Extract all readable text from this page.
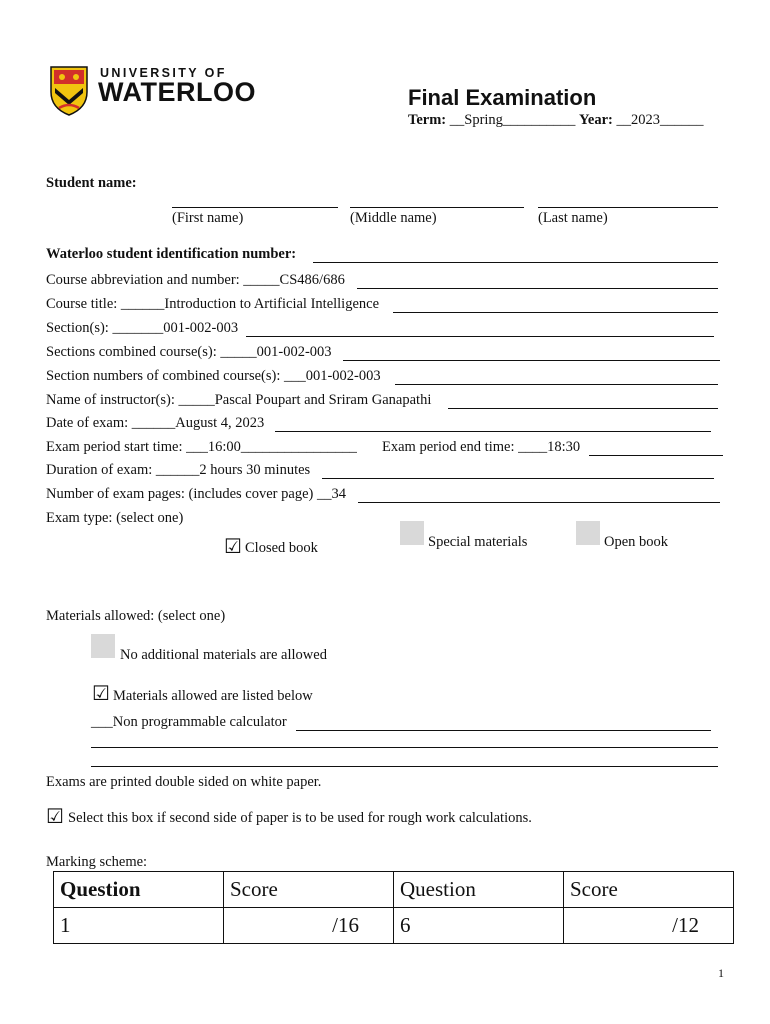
UNIVERSITY OF
WATERLOO	Final Examination
Term: __Spring__________ Year: __2023______
Student name:
(First name)	(Middle name)	(Last name)
Waterloo student identification number:
Course abbreviation and number: _____CS486/686
Course title: ______Introduction to Artificial Intelligence
Section(s): _______001-002-003
Sections combined course(s): _____001-002-003
Section numbers of combined course(s): ___001-002-003
Name of instructor(s): _____Pascal Poupart and Sriram Ganapathi
Date of exam: ______August 4, 2023
Exam period start time: ___16:00________________ Exam period end time: ____18:30
Duration of exam: ______2 hours 30 minutes
Number of exam pages: (includes cover page) __34
Exam type: (select one)
☑ Closed book	Special materials	Open book
Materials allowed: (select one)
No additional materials are allowed
☑ Materials allowed are listed below
___Non programmable calculator
Exams are printed double sided on white paper.
☑ Select this box if second side of paper is to be used for rough work calculations.
Marking scheme:
Question	Score	Question	Score
1	/16	6	/12
1
